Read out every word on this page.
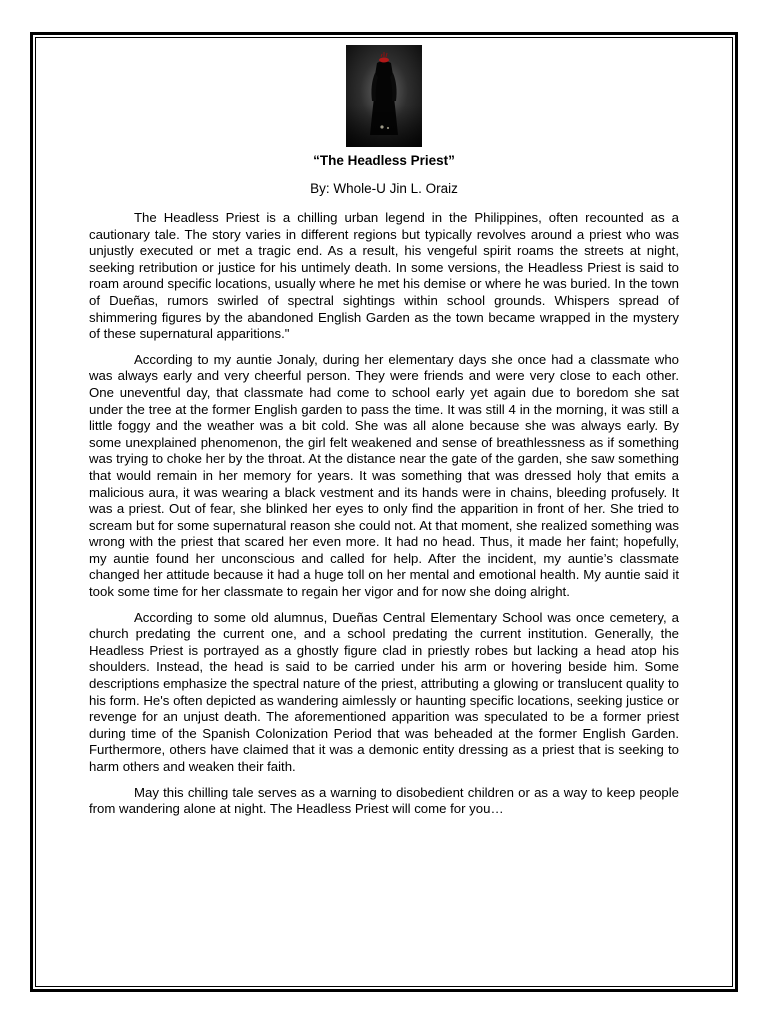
“The Headless Priest”
By: Whole-U Jin L. Oraiz

The Headless Priest is a chilling urban legend in the Philippines, often recounted as a cautionary tale. The story varies in different regions but typically revolves around a priest who was unjustly executed or met a tragic end. As a result, his vengeful spirit roams the streets at night, seeking retribution or justice for his untimely death. In some versions, the Headless Priest is said to roam around specific locations, usually where he met his demise or where he was buried. In the town of Dueñas, rumors swirled of spectral sightings within school grounds. Whispers spread of shimmering figures by the abandoned English Garden as the town became wrapped in the mystery of these supernatural apparitions."

According to my auntie Jonaly, during her elementary days she once had a classmate who was always early and very cheerful person. They were friends and were very close to each other. One uneventful day, that classmate had come to school early yet again due to boredom she sat under the tree at the former English garden to pass the time. It was still 4 in the morning, it was still a little foggy and the weather was a bit cold. She was all alone because she was always early. By some unexplained phenomenon, the girl felt weakened and sense of breathlessness as if something was trying to choke her by the throat. At the distance near the gate of the garden, she saw something that would remain in her memory for years. It was something that was dressed holy that emits a malicious aura, it was wearing a black vestment and its hands were in chains, bleeding profusely. It was a priest. Out of fear, she blinked her eyes to only find the apparition in front of her. She tried to scream but for some supernatural reason she could not. At that moment, she realized something was wrong with the priest that scared her even more. It had no head. Thus, it made her faint; hopefully, my auntie found her unconscious and called for help. After the incident, my auntie’s classmate changed her attitude because it had a huge toll on her mental and emotional health. My auntie said it took some time for her classmate to regain her vigor and for now she doing alright.

According to some old alumnus, Dueñas Central Elementary School was once cemetery, a church predating the current one, and a school predating the current institution. Generally, the Headless Priest is portrayed as a ghostly figure clad in priestly robes but lacking a head atop his shoulders. Instead, the head is said to be carried under his arm or hovering beside him. Some descriptions emphasize the spectral nature of the priest, attributing a glowing or translucent quality to his form. He's often depicted as wandering aimlessly or haunting specific locations, seeking justice or revenge for an unjust death. The aforementioned apparition was speculated to be a former priest during time of the Spanish Colonization Period that was beheaded at the former English Garden. Furthermore, others have claimed that it was a demonic entity dressing as a priest that is seeking to harm others and weaken their faith.

May this chilling tale serves as a warning to disobedient children or as a way to keep people from wandering alone at night. The Headless Priest will come for you…
